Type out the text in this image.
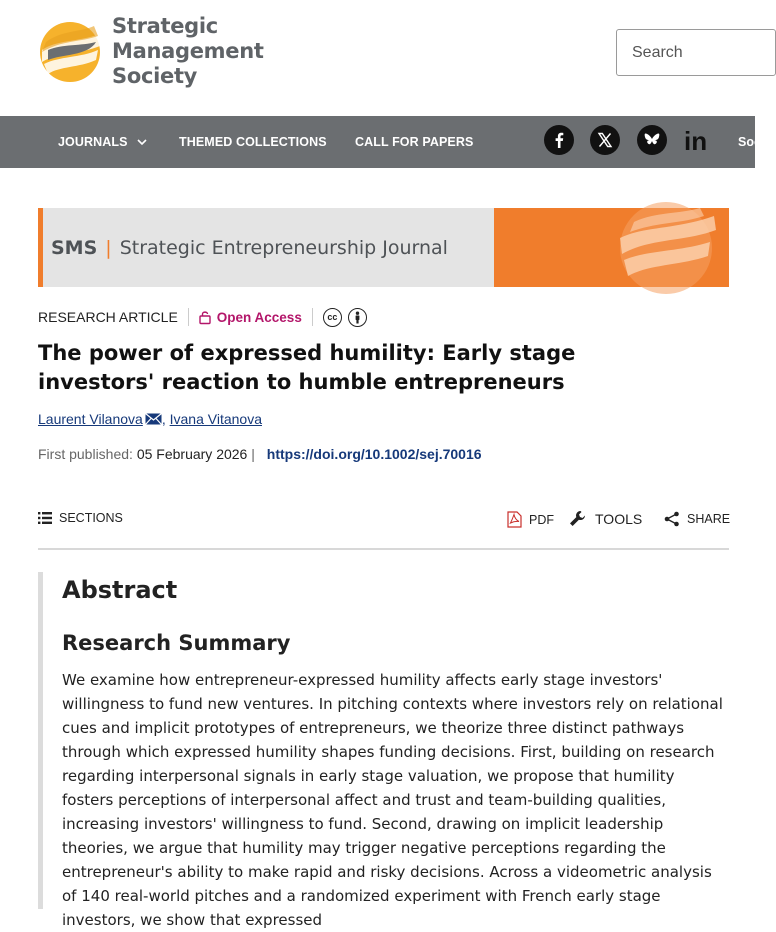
Strategic
Management
Society
Search
JOURNALS	THEMED COLLECTIONS CALL FOR PAPERS	Soc
in
SMS | Strategic Entrepreneurship Journal
RESEARCH ARTICLE	Open Access	cc
The power of expressed humility: Early stage investors' reaction to humble entrepreneurs
Laurent Vilanova , Ivana Vitanova
First published: 05 February 2026 | https://doi.org/10.1002/sej.70016
SECTIONS	PDF	TOOLS	SHARE
Abstract
Research Summary

We examine how entrepreneur-expressed humility affects early stage investors' willingness to fund new ventures. In pitching contexts where investors rely on relational cues and implicit prototypes of entrepreneurs, we theorize three distinct pathways through which expressed humility shapes funding decisions. First, building on research regarding interpersonal signals in early stage valuation, we propose that humility fosters perceptions of interpersonal affect and trust and team-building qualities, increasing investors' willingness to fund. Second, drawing on implicit leadership theories, we argue that humility may trigger negative perceptions regarding the entrepreneur's ability to make rapid and risky decisions. Across a videometric analysis of 140 real-world pitches and a randomized experiment with French early stage investors, we show that expressed
